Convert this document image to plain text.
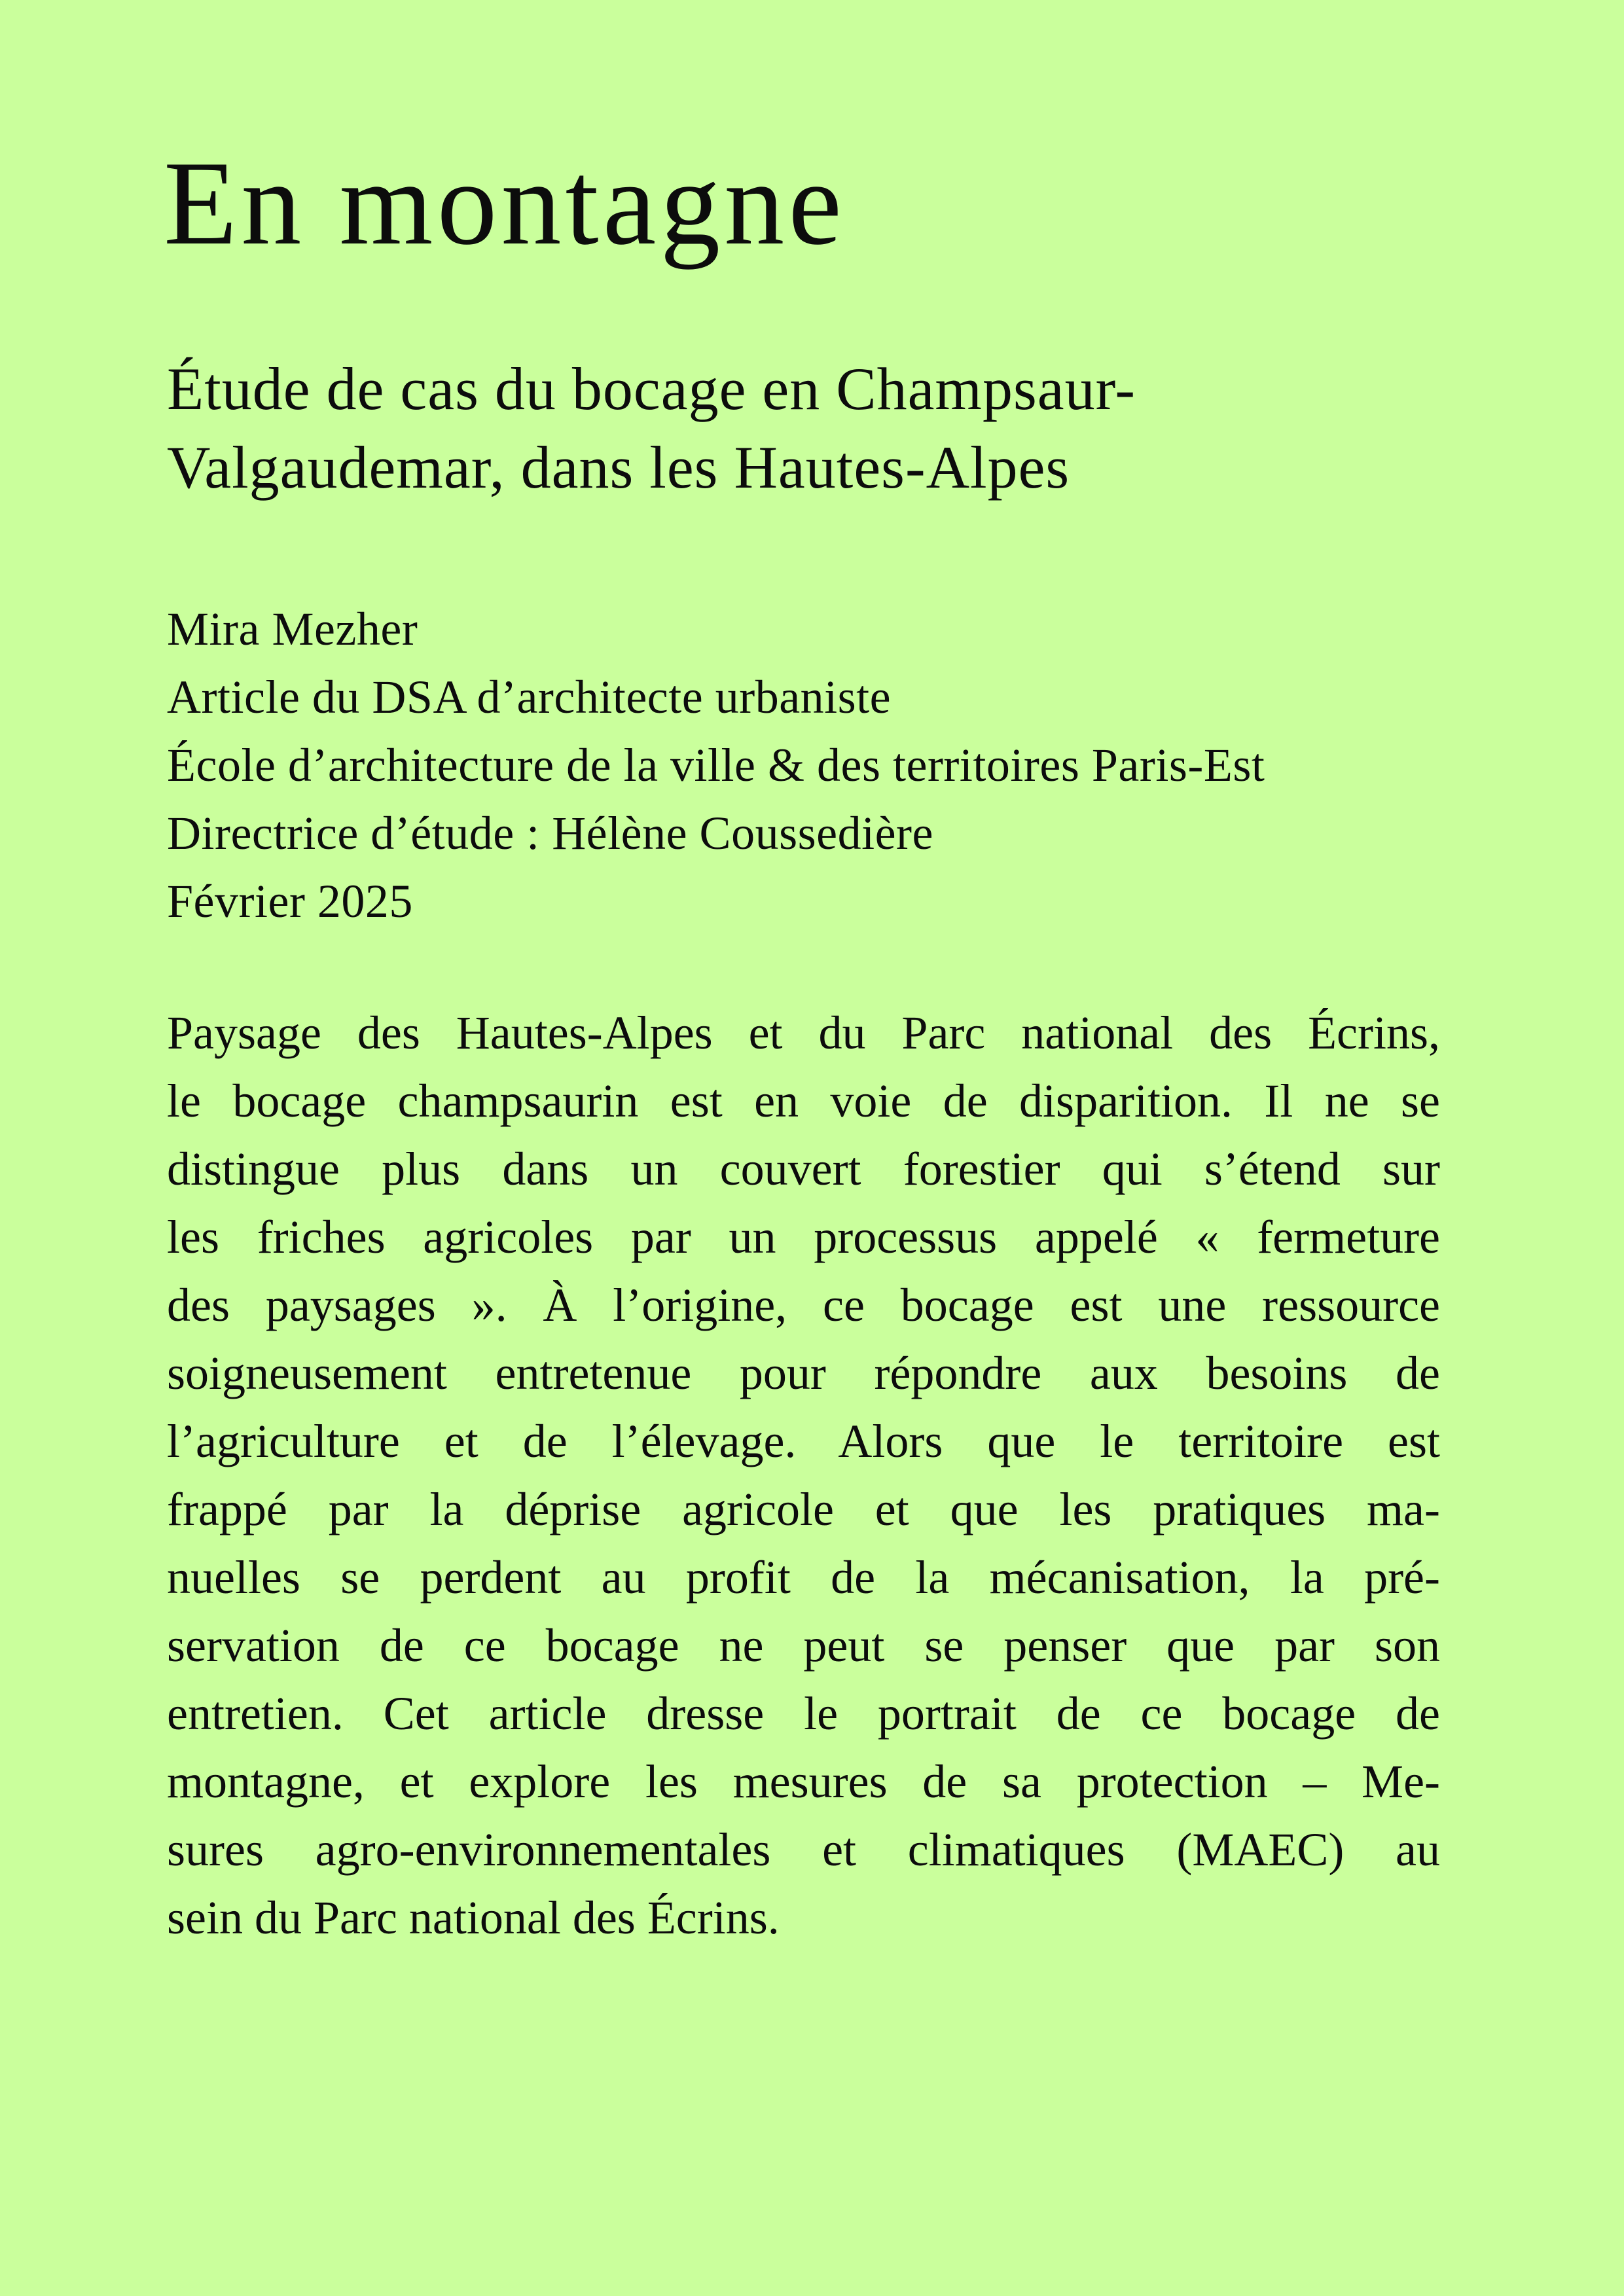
En montagne
Étude de cas du bocage en Champsaur-
Valgaudemar, dans les Hautes-Alpes
Mira Mezher
Article du DSA d’architecte urbaniste
École d’architecture de la ville & des territoires Paris-Est
Directrice d’étude : Hélène Coussedière
Février 2025
Paysage des Hautes-Alpes et du Parc national des Écrins,
le bocage champsaurin est en voie de disparition. Il ne se
distingue plus dans un couvert forestier qui s’étend sur
les friches agricoles par un processus appelé « fermeture
des paysages ». À l’origine, ce bocage est une ressource
soigneusement entretenue pour répondre aux besoins de
l’agriculture et de l’élevage. Alors que le territoire est
frappé par la déprise agricole et que les pratiques ma-
nuelles se perdent au profit de la mécanisation, la pré-
servation de ce bocage ne peut se penser que par son
entretien. Cet article dresse le portrait de ce bocage de
montagne, et explore les mesures de sa protection – Me-
sures agro-environnementales et climatiques (MAEC) au
sein du Parc national des Écrins.
